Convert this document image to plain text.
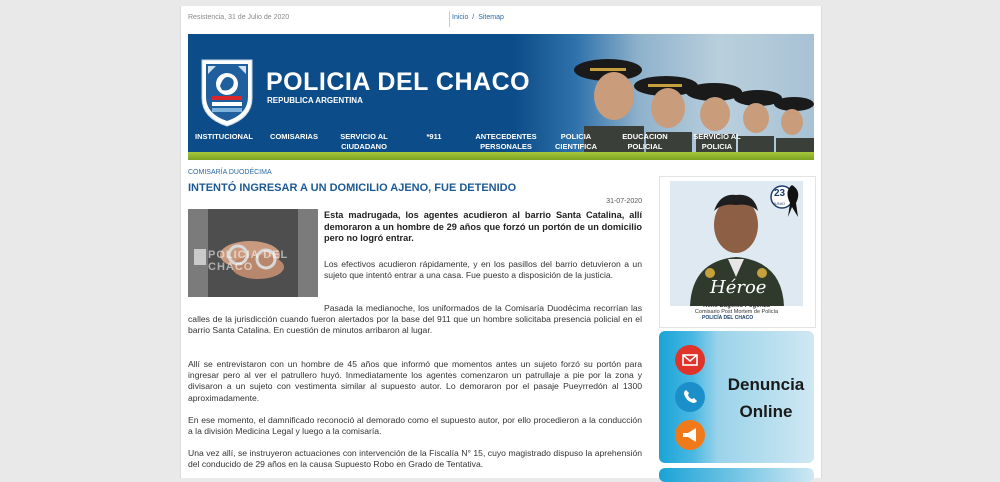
Resistencia, 31 de Julio de 2020	Inicio / Sitemap
POLICIA DEL CHACO
REPUBLICA ARGENTINA
INSTITUCIONAL	COMISARIAS	SERVICIO AL
CIUDADANO
*911	ANTECEDENTES
PERSONALES
POLICIA
CIENTIFICA
EDUCACION
POLICIAL
SERVICIO AL
POLICIA
COMISARÍA DUODÉCIMA
INTENTÓ INGRESAR A UN DOMICILIO AJENO, FUE DETENIDO
31-07-2020
POLICIA DEL CHACO
Esta madrugada, los agentes acudieron al barrio Santa Catalina, allí demoraron a un hombre de 29 años que forzó un portón de un domicilio pero no logró entrar.
Los efectivos acudieron rápidamente, y en los pasillos del barrio detuvieron a un sujeto que intentó entrar a una casa. Fue puesto a disposición de la justicia.
Pasada la medianoche, los uniformados de la Comisaría Duodécima recorrían las calles de la jurisdicción cuando fueron alertados por la base del 911 que un hombre solicitaba presencia policial en el barrio Santa Catalina. En cuestión de minutos arribaron al lugar.
Allí se entrevistaron con un hombre de 45 años que informó que momentos antes un sujeto forzó su portón para ingresar pero al ver el patrullero huyó. Inmediatamente los agentes comenzaron un patrullaje a pie por la zona y divisaron a un sujeto con vestimenta similar al supuesto autor. Lo demoraron por el pasaje Pueyrredón al 1300 aproximadamente.
En ese momento, el damnificado reconoció al demorado como el supuesto autor, por ello procedieron a la conducción a la división Medicina Legal y luego a la comisaría.
Una vez allí, se instruyeron actuaciones con intervención de la Fiscalía N° 15, cuyo magistrado dispuso la aprehensión del conducido de 29 años en la causa Supuesto Robo en Grado de Tentativa.
23
JUNIO
Héroe
René Eugenio Pogonza
Comisario Post Mortem de Policía
POLICÍA DEL CHACO
Denuncia
Online
